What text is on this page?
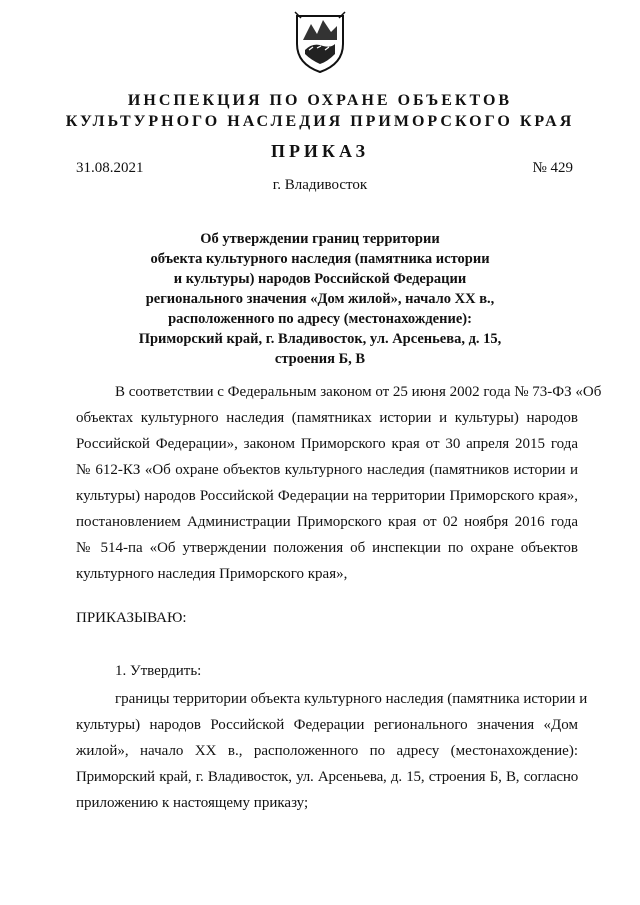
ИНСПЕКЦИЯ ПО ОХРАНЕ ОБЪЕКТОВ
КУЛЬТУРНОГО НАСЛЕДИЯ ПРИМОРСКОГО КРАЯ
ПРИКАЗ
31.08.2021	№ 429
г. Владивосток
Об утверждении границ территории
объекта культурного наследия (памятника истории
и культуры) народов Российской Федерации
регионального значения «Дом жилой», начало XX в.,
расположенного по адресу (местонахождение):
Приморский край, г. Владивосток, ул. Арсеньева, д. 15,
строения Б, В
В соответствии с Федеральным законом от 25 июня 2002 года № 73-ФЗ «Об
объектах культурного наследия (памятниках истории и культуры) народов
Российской Федерации», законом Приморского края от 30 апреля 2015 года
№ 612-КЗ «Об охране объектов культурного наследия (памятников истории и
культуры) народов Российской Федерации на территории Приморского края»,
постановлением Администрации Приморского края от 02 ноября 2016 года
№ 514-па «Об утверждении положения об инспекции по охране объектов
культурного наследия Приморского края»,
ПРИКАЗЫВАЮ:
1. Утвердить:
границы территории объекта культурного наследия (памятника истории и
культуры) народов Российской Федерации регионального значения «Дом
жилой», начало XX в., расположенного по адресу (местонахождение):
Приморский край, г. Владивосток, ул. Арсеньева, д. 15, строения Б, В, согласно
приложению к настоящему приказу;
